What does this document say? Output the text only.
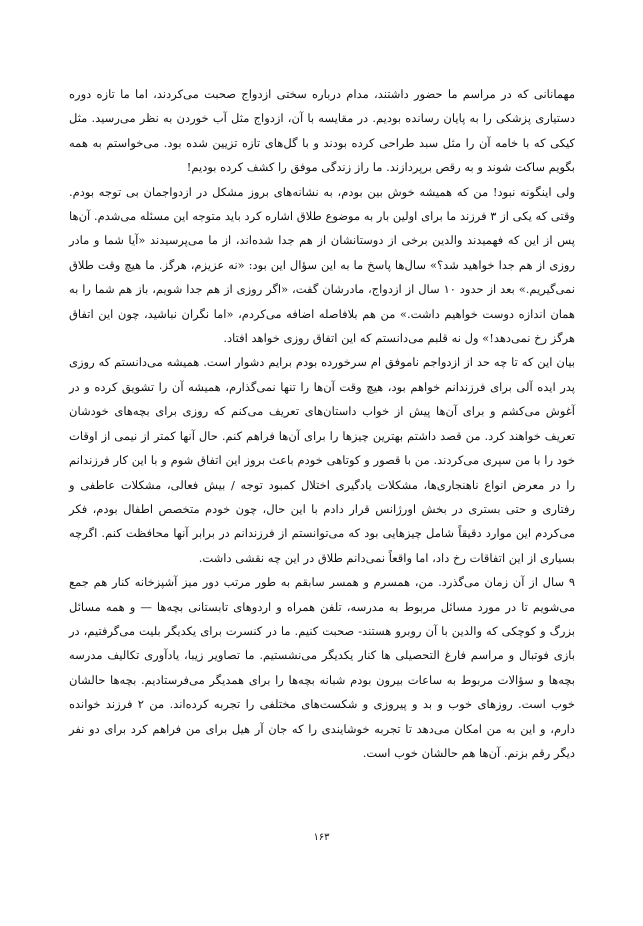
مهمانانی که در مراسم ما حضور داشتند، مدام درباره سختی ازدواج صحبت می‌کردند، اما ما تازه دوره دستیاری پزشکی را به پایان رسانده بودیم. در مقایسه با آن، ازدواج مثل آب خوردن به نظر می‌رسید. مثل کیکی که با خامه آن را مثل سبد طراحی کرده بودند و با گل‌های تازه تزیین شده بود. می‌خواستم به همه بگویم ساکت شوند و به رقص برپردازند. ما راز زندگی موفق را کشف کرده بودیم!

ولی اینگونه نبود! من که همیشه خوش بین بودم، به نشانه‌های بروز مشکل در ازدواجمان بی توجه بودم. وقتی که یکی از ۳ فرزند ما برای اولین بار به موضوع طلاق اشاره کرد باید متوجه این مسئله می‌شدم. آن‌ها پس از این که فهمیدند والدین برخی از دوستانشان از هم جدا شده‌اند، از ما می‌پرسیدند «آیا شما و مادر روزی از هم جدا خواهید شد؟» سال‌ها پاسخ ما به این سؤال این بود: «نه عزیزم، هرگز. ما هیچ وقت طلاق نمی‌گیریم.» بعد از حدود ۱۰ سال از ازدواج، مادرشان گفت، «اگر روزی از هم جدا شویم، باز هم شما را به همان اندازه دوست خواهیم داشت.» من هم بلافاصله اضافه می‌کردم، «اما نگران نباشید، چون این اتفاق هرگز رخ نمی‌دهد!» ول نه قلبم می‌دانستم که این اتفاق روزی خواهد افتاد.

بیان این که تا چه حد از ازدواجم ناموفق ام سرخورده بودم برایم دشوار است. همیشه می‌دانستم که روزی پدر ایده آلی برای فرزندانم خواهم بود، هیچ وقت آن‌ها را تنها نمی‌گذارم، همیشه آن را تشویق کرده و در آغوش می‌کشم و برای آن‌ها پیش از خواب داستان‌های تعریف می‌کنم که روزی برای بچه‌های خودشان تعریف خواهند کرد. من قصد داشتم بهترین چیزها را برای آن‌ها فراهم کنم. حال آنها کمتر از نیمی از اوقات خود را با من سپری می‌کردند. من با قصور و کوتاهی خودم باعث بروز این اتفاق شوم و با این کار فرزندانم را در معرض انواع ناهنجاری‌ها، مشکلات یادگیری اختلال کمبود توجه / بیش فعالی، مشکلات عاطفی و رفتاری و حتی بستری در بخش اورژانس قرار دادم با این حال، چون خودم متخصص اطفال بودم، فکر می‌کردم این موارد دقیقاً شامل چیزهایی بود که می‌توانستم از فرزندانم در برابر آنها محافظت کنم. اگرچه بسیاری از این اتفاقات رخ داد، اما واقعاً نمی‌دانم طلاق در این چه نقشی داشت.

۹ سال از آن زمان می‌گذرد. من، همسرم و همسر سابقم به طور مرتب دور میز آشپزخانه کنار هم جمع می‌شویم تا در مورد مسائل مربوط به مدرسه، تلفن همراه و اردوهای تابستانی بچه‌ها — و همه مسائل بزرگ و کوچکی که والدین با آن روبرو هستند- صحبت کنیم. ما در کنسرت برای یکدیگر بلیت می‌گرفتیم، در بازی فوتبال و مراسم فارغ التحصیلی ها کنار یکدیگر می‌نشستیم. ما تصاویر زیبا، یادآوری تکالیف مدرسه بچه‌ها و سؤالات مربوط به ساعات بیرون بودم شبانه بچه‌ها را برای همدیگر می‌فرستادیم. بچه‌ها حالشان خوب است. روزهای خوب و بد و پیروزی و شکست‌های مختلفی را تجربه کرده‌اند. من ۲ فرزند خوانده دارم، و این به من امکان می‌دهد تا تجربه خوشایندی را که جان آر هیل برای من فراهم کرد برای دو نفر دیگر رقم بزنم. آن‌ها هم حالشان خوب است.

۱۶۳
